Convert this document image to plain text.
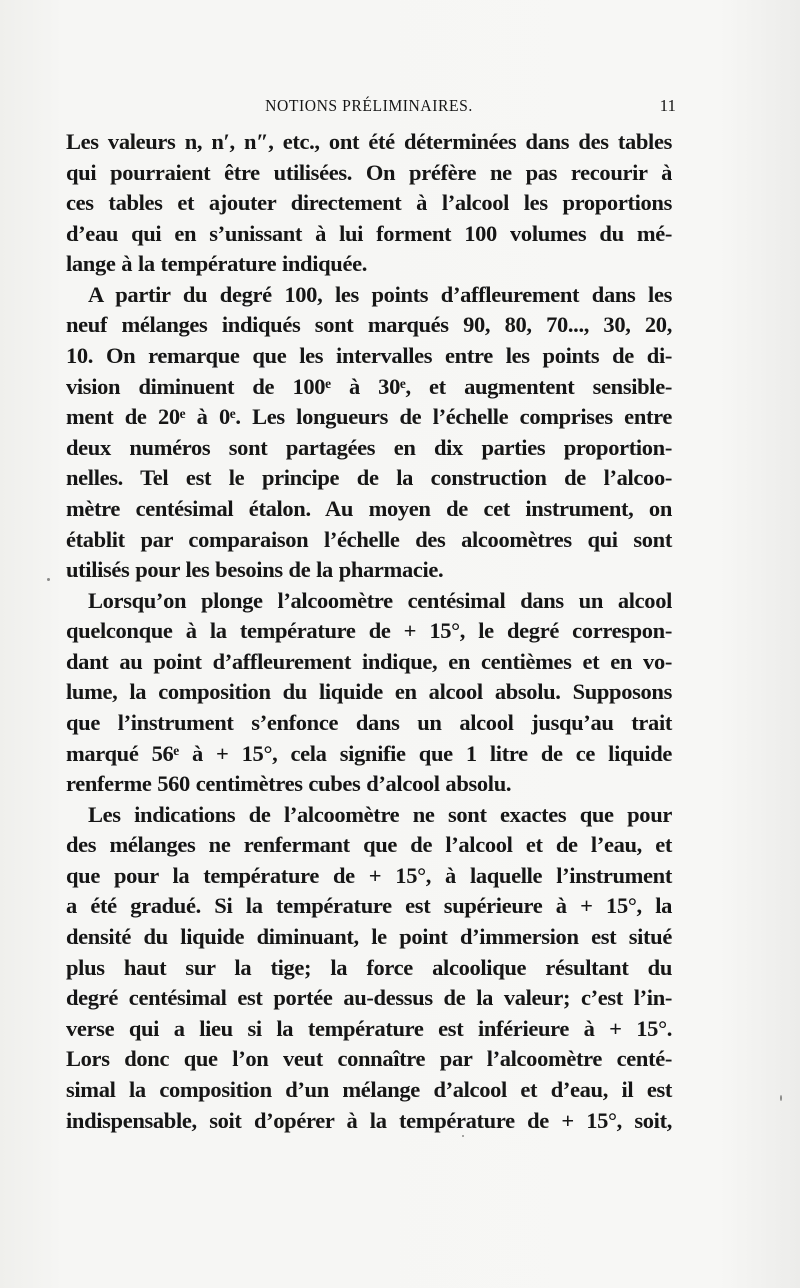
NOTIONS PRÉLIMINAIRES.	11
Les valeurs n, n′, n″, etc., ont été déterminées dans des tables
qui pourraient être utilisées. On préfère ne pas recourir à
ces tables et ajouter directement à l’alcool les proportions
d’eau qui en s’unissant à lui forment 100 volumes du mé-
lange à la température indiquée.
A partir du degré 100, les points d’affleurement dans les
neuf mélanges indiqués sont marqués 90, 80, 70..., 30, 20,
10. On remarque que les intervalles entre les points de di-
vision diminuent de 100ᵉ à 30ᵉ, et augmentent sensible-
ment de 20ᵉ à 0ᵉ. Les longueurs de l’échelle comprises entre
deux numéros sont partagées en dix parties proportion-
nelles. Tel est le principe de la construction de l’alcoo-
mètre centésimal étalon. Au moyen de cet instrument, on
établit par comparaison l’échelle des alcoomètres qui sont
utilisés pour les besoins de la pharmacie.
Lorsqu’on plonge l’alcoomètre centésimal dans un alcool
quelconque à la température de + 15°, le degré correspon-
dant au point d’affleurement indique, en centièmes et en vo-
lume, la composition du liquide en alcool absolu. Supposons
que l’instrument s’enfonce dans un alcool jusqu’au trait
marqué 56ᵉ à + 15°, cela signifie que 1 litre de ce liquide
renferme 560 centimètres cubes d’alcool absolu.
Les indications de l’alcoomètre ne sont exactes que pour
des mélanges ne renfermant que de l’alcool et de l’eau, et
que pour la température de + 15°, à laquelle l’instrument
a été gradué. Si la température est supérieure à + 15°, la
densité du liquide diminuant, le point d’immersion est situé
plus haut sur la tige; la force alcoolique résultant du
degré centésimal est portée au-dessus de la valeur; c’est l’in-
verse qui a lieu si la température est inférieure à + 15°.
Lors donc que l’on veut connaître par l’alcoomètre centé-
simal la composition d’un mélange d’alcool et d’eau, il est
indispensable, soit d’opérer à la température de + 15°, soit,
